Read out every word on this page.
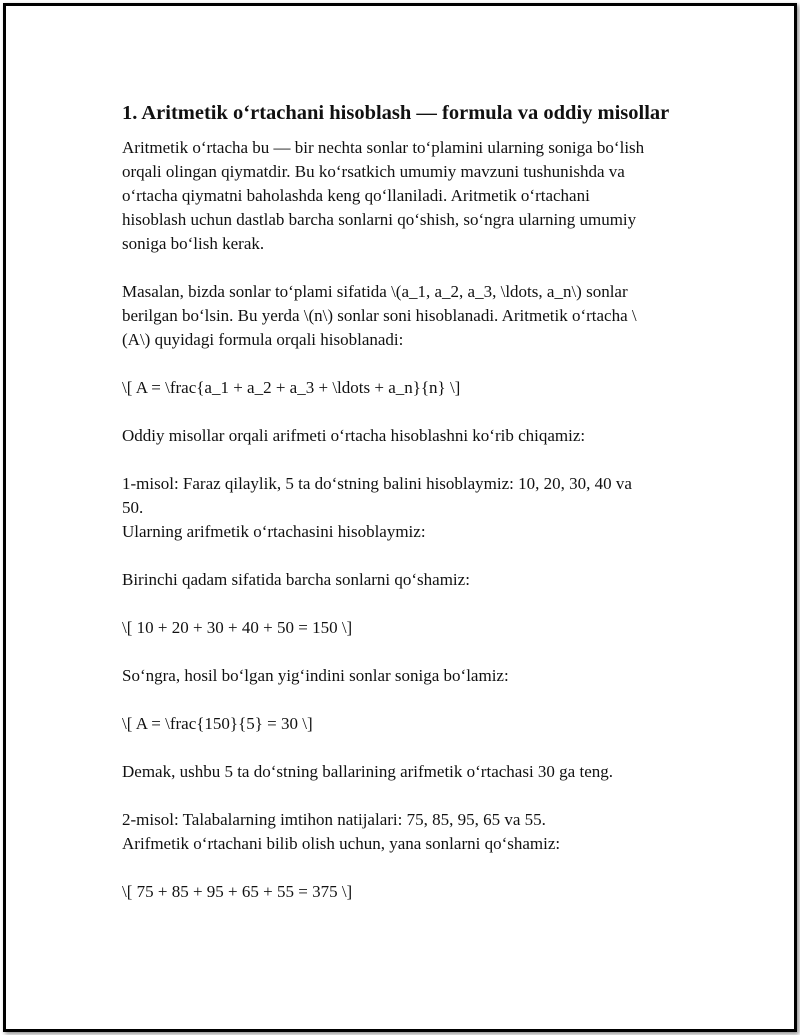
1. Aritmetik o‘rtachani hisoblash — formula va oddiy misollar

Aritmetik o‘rtacha bu — bir nechta sonlar to‘plamini ularning soniga bo‘lish
orqali olingan qiymatdir. Bu ko‘rsatkich umumiy mavzuni tushunishda va
o‘rtacha qiymatni baholashda keng qo‘llaniladi. Aritmetik o‘rtachani
hisoblash uchun dastlab barcha sonlarni qo‘shish, so‘ngra ularning umumiy
soniga bo‘lish kerak.

Masalan, bizda sonlar to‘plami sifatida \(a_1, a_2, a_3, \ldots, a_n\) sonlar
berilgan bo‘lsin. Bu yerda \(n\) sonlar soni hisoblanadi. Aritmetik o‘rtacha \
(A\) quyidagi formula orqali hisoblanadi:

\[ A = \frac{a_1 + a_2 + a_3 + \ldots + a_n}{n} \]

Oddiy misollar orqali arifmeti o‘rtacha hisoblashni ko‘rib chiqamiz:

1-misol: Faraz qilaylik, 5 ta do‘stning balini hisoblaymiz: 10, 20, 30, 40 va
50.
Ularning arifmetik o‘rtachasini hisoblaymiz:

Birinchi qadam sifatida barcha sonlarni qo‘shamiz:

\[ 10 + 20 + 30 + 40 + 50 = 150 \]

So‘ngra, hosil bo‘lgan yig‘indini sonlar soniga bo‘lamiz:

\[ A = \frac{150}{5} = 30 \]

Demak, ushbu 5 ta do‘stning ballarining arifmetik o‘rtachasi 30 ga teng.

2-misol: Talabalarning imtihon natijalari: 75, 85, 95, 65 va 55.
Arifmetik o‘rtachani bilib olish uchun, yana sonlarni qo‘shamiz:

\[ 75 + 85 + 95 + 65 + 55 = 375 \]
